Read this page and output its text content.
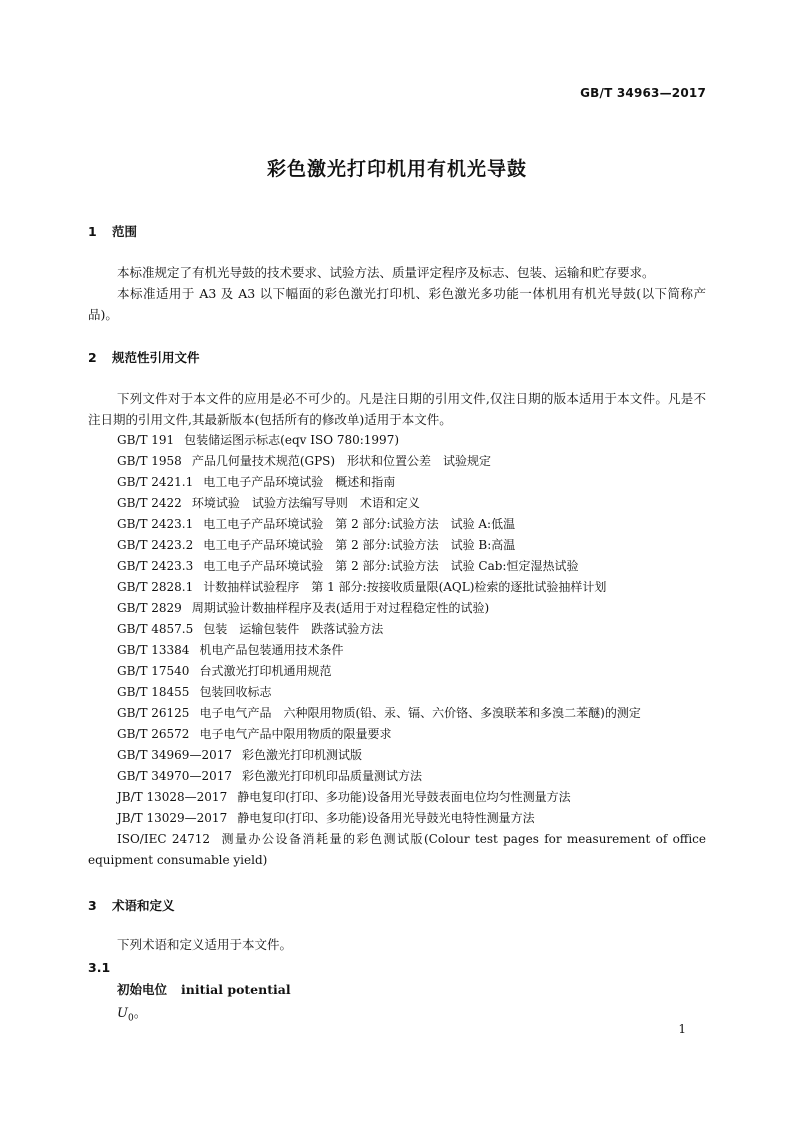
GB/T 34963—2017
彩色激光打印机用有机光导鼓
1 范围
本标准规定了有机光导鼓的技术要求、试验方法、质量评定程序及标志、包装、运输和贮存要求。
本标准适用于 A3 及 A3 以下幅面的彩色激光打印机、彩色激光多功能一体机用有机光导鼓(以下简称产品)。
2 规范性引用文件
下列文件对于本文件的应用是必不可少的。凡是注日期的引用文件,仅注日期的版本适用于本文件。凡是不注日期的引用文件,其最新版本(包括所有的修改单)适用于本文件。
GB/T 191 包装储运图示标志(eqv ISO 780:1997)
GB/T 1958 产品几何量技术规范(GPS)　形状和位置公差　试验规定
GB/T 2421.1 电工电子产品环境试验　概述和指南
GB/T 2422 环境试验　试验方法编写导则　术语和定义
GB/T 2423.1 电工电子产品环境试验　第 2 部分:试验方法　试验 A:低温
GB/T 2423.2 电工电子产品环境试验　第 2 部分:试验方法　试验 B:高温
GB/T 2423.3 电工电子产品环境试验　第 2 部分:试验方法　试验 Cab:恒定湿热试验
GB/T 2828.1 计数抽样试验程序　第 1 部分:按接收质量限(AQL)检索的逐批试验抽样计划
GB/T 2829 周期试验计数抽样程序及表(适用于对过程稳定性的试验)
GB/T 4857.5 包装　运输包装件　跌落试验方法
GB/T 13384 机电产品包装通用技术条件
GB/T 17540 台式激光打印机通用规范
GB/T 18455 包装回收标志
GB/T 26125 电子电气产品　六种限用物质(铅、汞、镉、六价铬、多溴联苯和多溴二苯醚)的测定
GB/T 26572 电子电气产品中限用物质的限量要求
GB/T 34969—2017 彩色激光打印机测试版
GB/T 34970—2017 彩色激光打印机印品质量测试方法
JB/T 13028—2017 静电复印(打印、多功能)设备用光导鼓表面电位均匀性测量方法
JB/T 13029—2017 静电复印(打印、多功能)设备用光导鼓光电特性测量方法
ISO/IEC 24712 测量办公设备消耗量的彩色测试版(Colour test pages for measurement of office equipment consumable yield)
3 术语和定义
下列术语和定义适用于本文件。
3.1
初始电位 initial potential
$U_0$。
1
